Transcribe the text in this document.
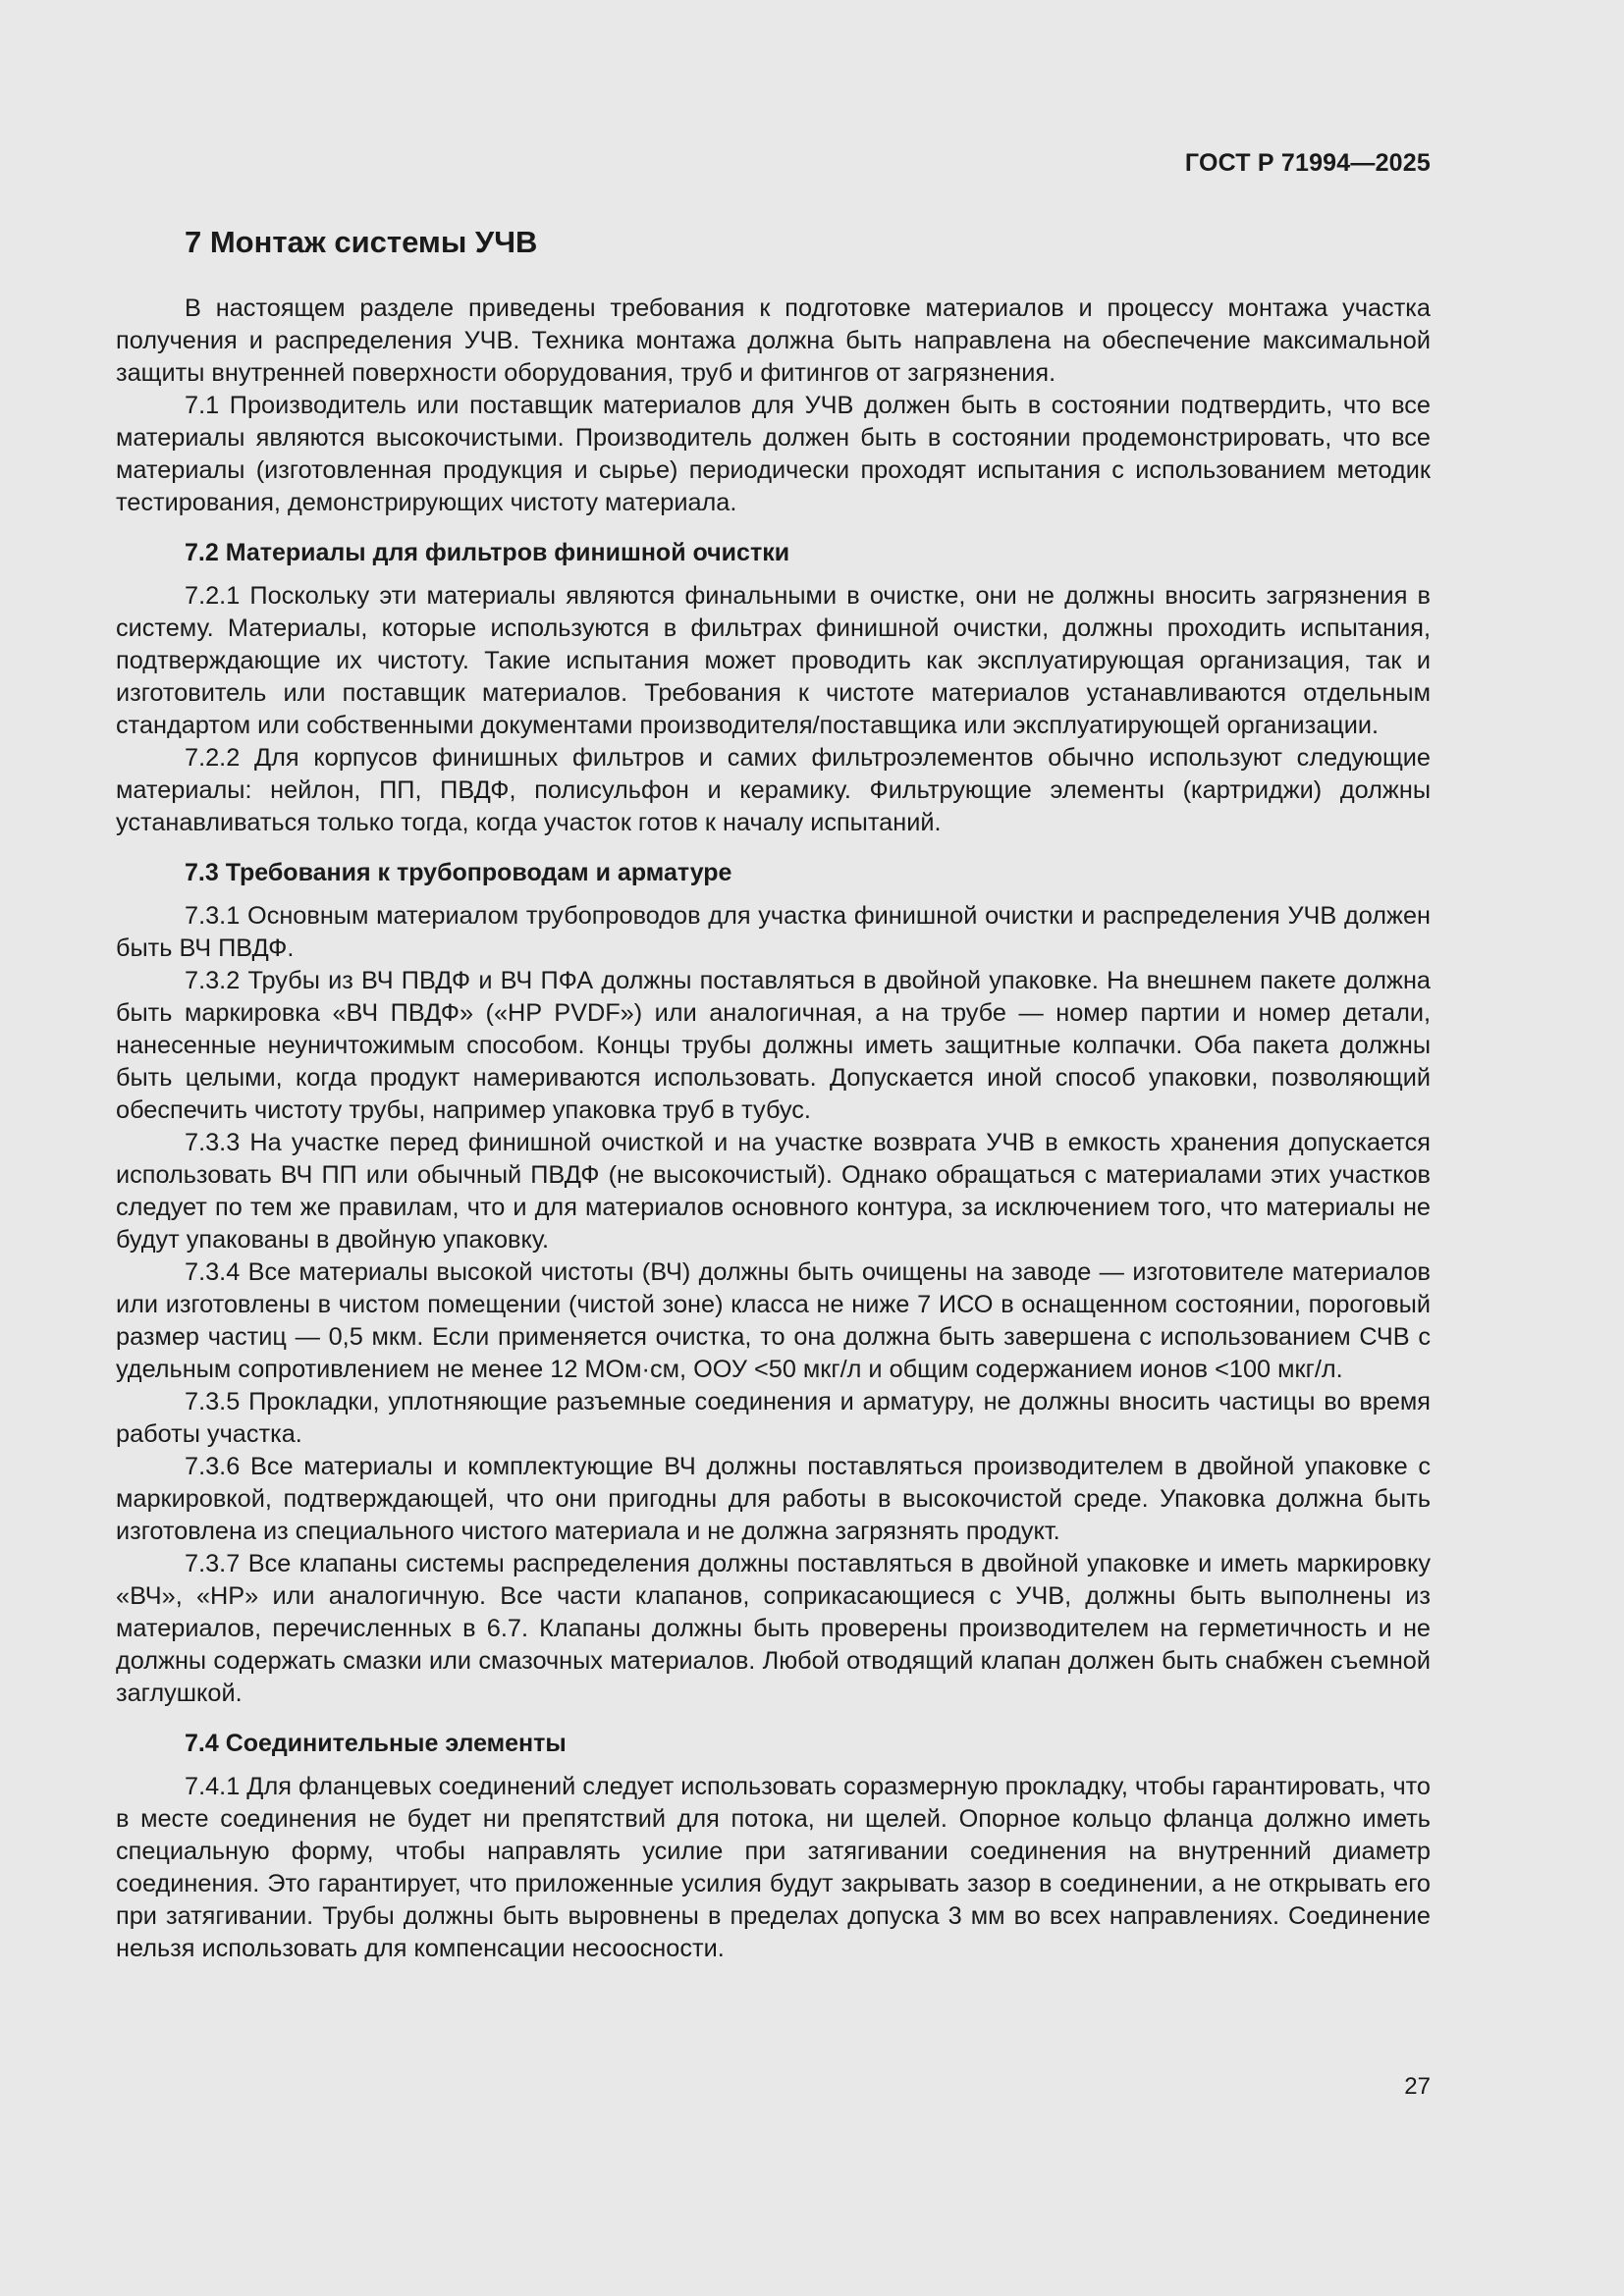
ГОСТ Р 71994—2025
7 Монтаж системы УЧВ

В настоящем разделе приведены требования к подготовке материалов и процессу монтажа участка получения и распределения УЧВ. Техника монтажа должна быть направлена на обеспечение максимальной защиты внутренней поверхности оборудования, труб и фитингов от загрязнения.

7.1 Производитель или поставщик материалов для УЧВ должен быть в состоянии подтвердить, что все материалы являются высокочистыми. Производитель должен быть в состоянии продемонстрировать, что все материалы (изготовленная продукция и сырье) периодически проходят испытания с использованием методик тестирования, демонстрирующих чистоту материала.

7.2 Материалы для фильтров финишной очистки

7.2.1 Поскольку эти материалы являются финальными в очистке, они не должны вносить загрязнения в систему. Материалы, которые используются в фильтрах финишной очистки, должны проходить испытания, подтверждающие их чистоту. Такие испытания может проводить как эксплуатирующая организация, так и изготовитель или поставщик материалов. Требования к чистоте материалов устанавливаются отдельным стандартом или собственными документами производителя/поставщика или эксплуатирующей организации.

7.2.2 Для корпусов финишных фильтров и самих фильтроэлементов обычно используют следующие материалы: нейлон, ПП, ПВДФ, полисульфон и керамику. Фильтрующие элементы (картриджи) должны устанавливаться только тогда, когда участок готов к началу испытаний.

7.3 Требования к трубопроводам и арматуре

7.3.1 Основным материалом трубопроводов для участка финишной очистки и распределения УЧВ должен быть ВЧ ПВДФ.

7.3.2 Трубы из ВЧ ПВДФ и ВЧ ПФА должны поставляться в двойной упаковке. На внешнем пакете должна быть маркировка «ВЧ ПВДФ» («HP PVDF») или аналогичная, а на трубе — номер партии и номер детали, нанесенные неуничтожимым способом. Концы трубы должны иметь защитные колпачки. Оба пакета должны быть целыми, когда продукт намериваются использовать. Допускается иной способ упаковки, позволяющий обеспечить чистоту трубы, например упаковка труб в тубус.

7.3.3 На участке перед финишной очисткой и на участке возврата УЧВ в емкость хранения допускается использовать ВЧ ПП или обычный ПВДФ (не высокочистый). Однако обращаться с материалами этих участков следует по тем же правилам, что и для материалов основного контура, за исключением того, что материалы не будут упакованы в двойную упаковку.

7.3.4 Все материалы высокой чистоты (ВЧ) должны быть очищены на заводе — изготовителе материалов или изготовлены в чистом помещении (чистой зоне) класса не ниже 7 ИСО в оснащенном состоянии, пороговый размер частиц — 0,5 мкм. Если применяется очистка, то она должна быть завершена с использованием СЧВ с удельным сопротивлением не менее 12 МОм·см, ООУ <50 мкг/л и общим содержанием ионов <100 мкг/л.

7.3.5 Прокладки, уплотняющие разъемные соединения и арматуру, не должны вносить частицы во время работы участка.

7.3.6 Все материалы и комплектующие ВЧ должны поставляться производителем в двойной упаковке с маркировкой, подтверждающей, что они пригодны для работы в высокочистой среде. Упаковка должна быть изготовлена из специального чистого материала и не должна загрязнять продукт.

7.3.7 Все клапаны системы распределения должны поставляться в двойной упаковке и иметь маркировку «ВЧ», «HP» или аналогичную. Все части клапанов, соприкасающиеся с УЧВ, должны быть выполнены из материалов, перечисленных в 6.7. Клапаны должны быть проверены производителем на герметичность и не должны содержать смазки или смазочных материалов. Любой отводящий клапан должен быть снабжен съемной заглушкой.

7.4 Соединительные элементы

7.4.1 Для фланцевых соединений следует использовать соразмерную прокладку, чтобы гарантировать, что в месте соединения не будет ни препятствий для потока, ни щелей. Опорное кольцо фланца должно иметь специальную форму, чтобы направлять усилие при затягивании соединения на внутренний диаметр соединения. Это гарантирует, что приложенные усилия будут закрывать зазор в соединении, а не открывать его при затягивании. Трубы должны быть выровнены в пределах допуска 3 мм во всех направлениях. Соединение нельзя использовать для компенсации несоосности.

27
